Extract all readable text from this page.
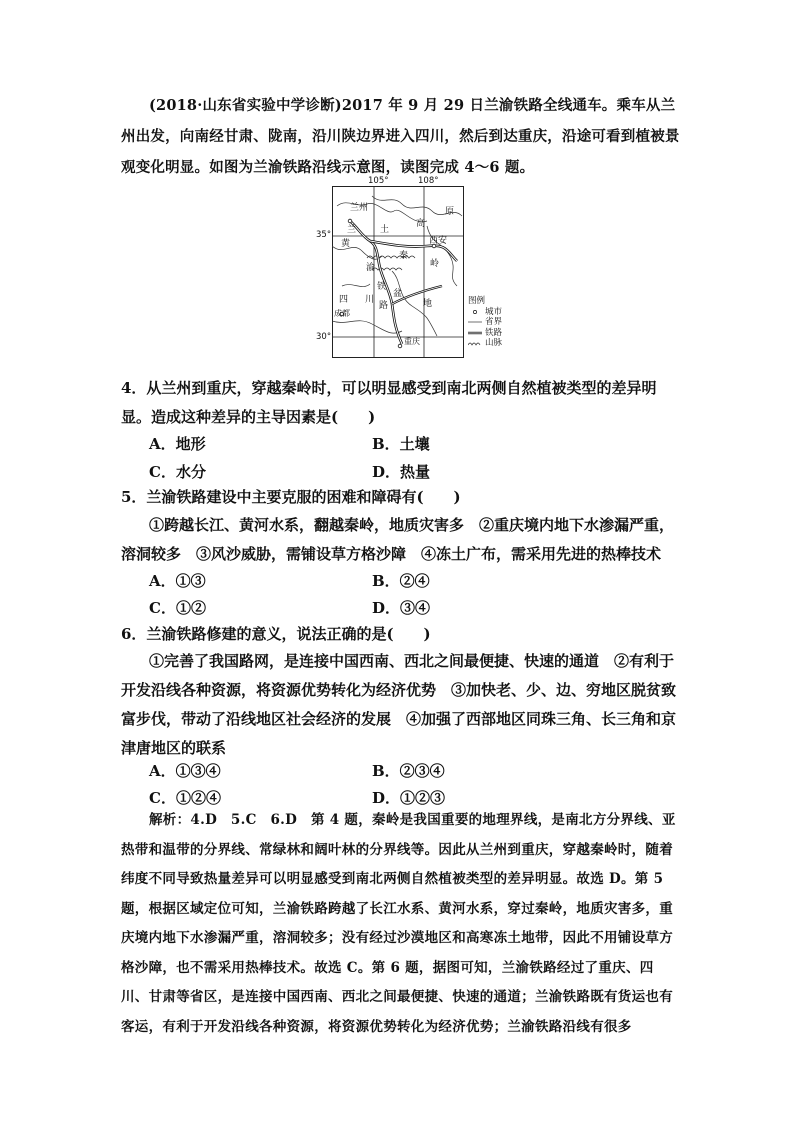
(2018·山东省实验中学诊断)2017 年 9 月 29 日兰渝铁路全线通车。乘车从兰州出发，向南经甘肃、陇南，沿川陕边界进入四川，然后到达重庆，沿途可看到植被景观变化明显。如图为兰渝铁路沿线示意图，读图完成 4～6 题。
兰州
兰	土
高
原
黄	西安
秦
岭
渝
铁
盆
路	地
四 川
成都
重庆
105°	108°
35°
30°
图例
城市
省界
铁路
山脉
4．从兰州到重庆，穿越秦岭时，可以明显感受到南北两侧自然植被类型的差异明显。造成这种差异的主导因素是(　　)
A．地形	B．土壤
C．水分	D．热量
5．兰渝铁路建设中主要克服的困难和障碍有(　　)
①跨越长江、黄河水系，翻越秦岭，地质灾害多　②重庆境内地下水渗漏严重，溶洞较多　③风沙威胁，需铺设草方格沙障　④冻土广布，需采用先进的热棒技术
A．①③	B．②④
C．①②	D．③④
6．兰渝铁路修建的意义，说法正确的是(　　)
①完善了我国路网，是连接中国西南、西北之间最便捷、快速的通道　②有利于开发沿线各种资源，将资源优势转化为经济优势　③加快老、少、边、穷地区脱贫致富步伐，带动了沿线地区社会经济的发展　④加强了西部地区同珠三角、长三角和京津唐地区的联系
A．①③④	B．②③④
C．①②④	D．①②③
解析：4.D　5.C　6.D　第 4 题，秦岭是我国重要的地理界线，是南北方分界线、亚热带和温带的分界线、常绿林和阔叶林的分界线等。因此从兰州到重庆，穿越秦岭时，随着纬度不同导致热量差异可以明显感受到南北两侧自然植被类型的差异明显。故选 D。第 5 题，根据区域定位可知，兰渝铁路跨越了长江水系、黄河水系，穿过秦岭，地质灾害多，重庆境内地下水渗漏严重，溶洞较多；没有经过沙漠地区和高寒冻土地带，因此不用铺设草方格沙障，也不需采用热棒技术。故选 C。第 6 题，据图可知，兰渝铁路经过了重庆、四川、甘肃等省区，是连接中国西南、西北之间最便捷、快速的通道；兰渝铁路既有货运也有客运，有利于开发沿线各种资源，将资源优势转化为经济优势；兰渝铁路沿线有很多
